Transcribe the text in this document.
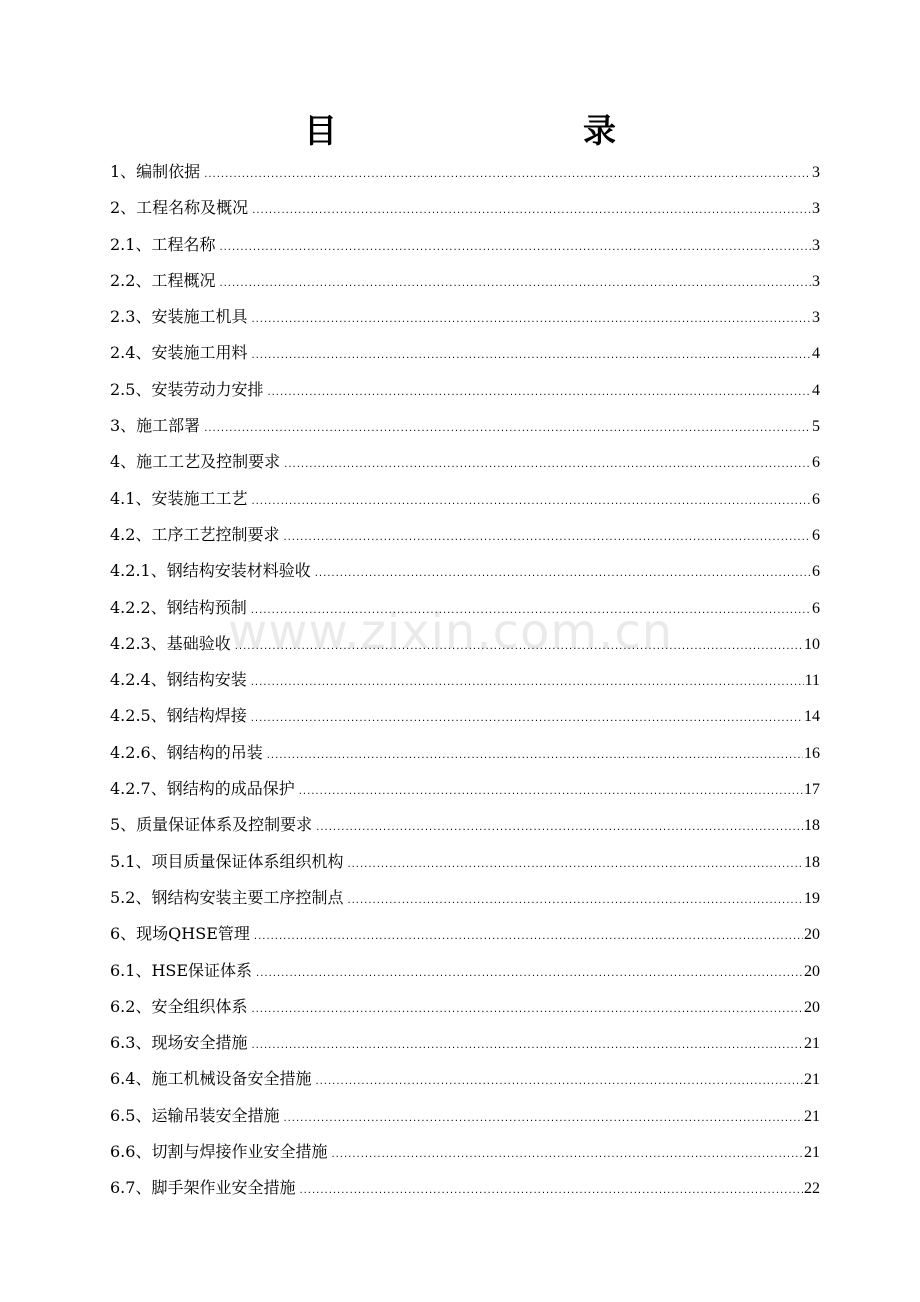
目　　录
www.zixin.com.cn
1、编制依据 .....	3
2、工程名称及概况 .....	3
2.1、工程名称 .....	3
2.2、工程概况 .....	3
2.3、安装施工机具 .....	3
2.4、安装施工用料 .....	4
2.5、安装劳动力安排 .....	4
3、施工部署 .....	5
4、施工工艺及控制要求 .....	6
4.1、安装施工工艺 .....	6
4.2、工序工艺控制要求 .....	6
4.2.1、钢结构安装材料验收 .....	6
4.2.2、钢结构预制 .....	6
4.2.3、基础验收 .....	10
4.2.4、钢结构安装 .....	11
4.2.5、钢结构焊接 .....	14
4.2.6、钢结构的吊装 .....	16
4.2.7、钢结构的成品保护 .....	17
5、质量保证体系及控制要求 .....	18
5.1、项目质量保证体系组织机构 .....	18
5.2、钢结构安装主要工序控制点 .....	19
6、现场QHSE管理 .....	20
6.1、HSE保证体系 .....	20
6.2、安全组织体系 .....	20
6.3、现场安全措施 .....	21
6.4、施工机械设备安全措施 .....	21
6.5、运输吊装安全措施 .....	21
6.6、切割与焊接作业安全措施 .....	21
6.7、脚手架作业安全措施 .....	22
